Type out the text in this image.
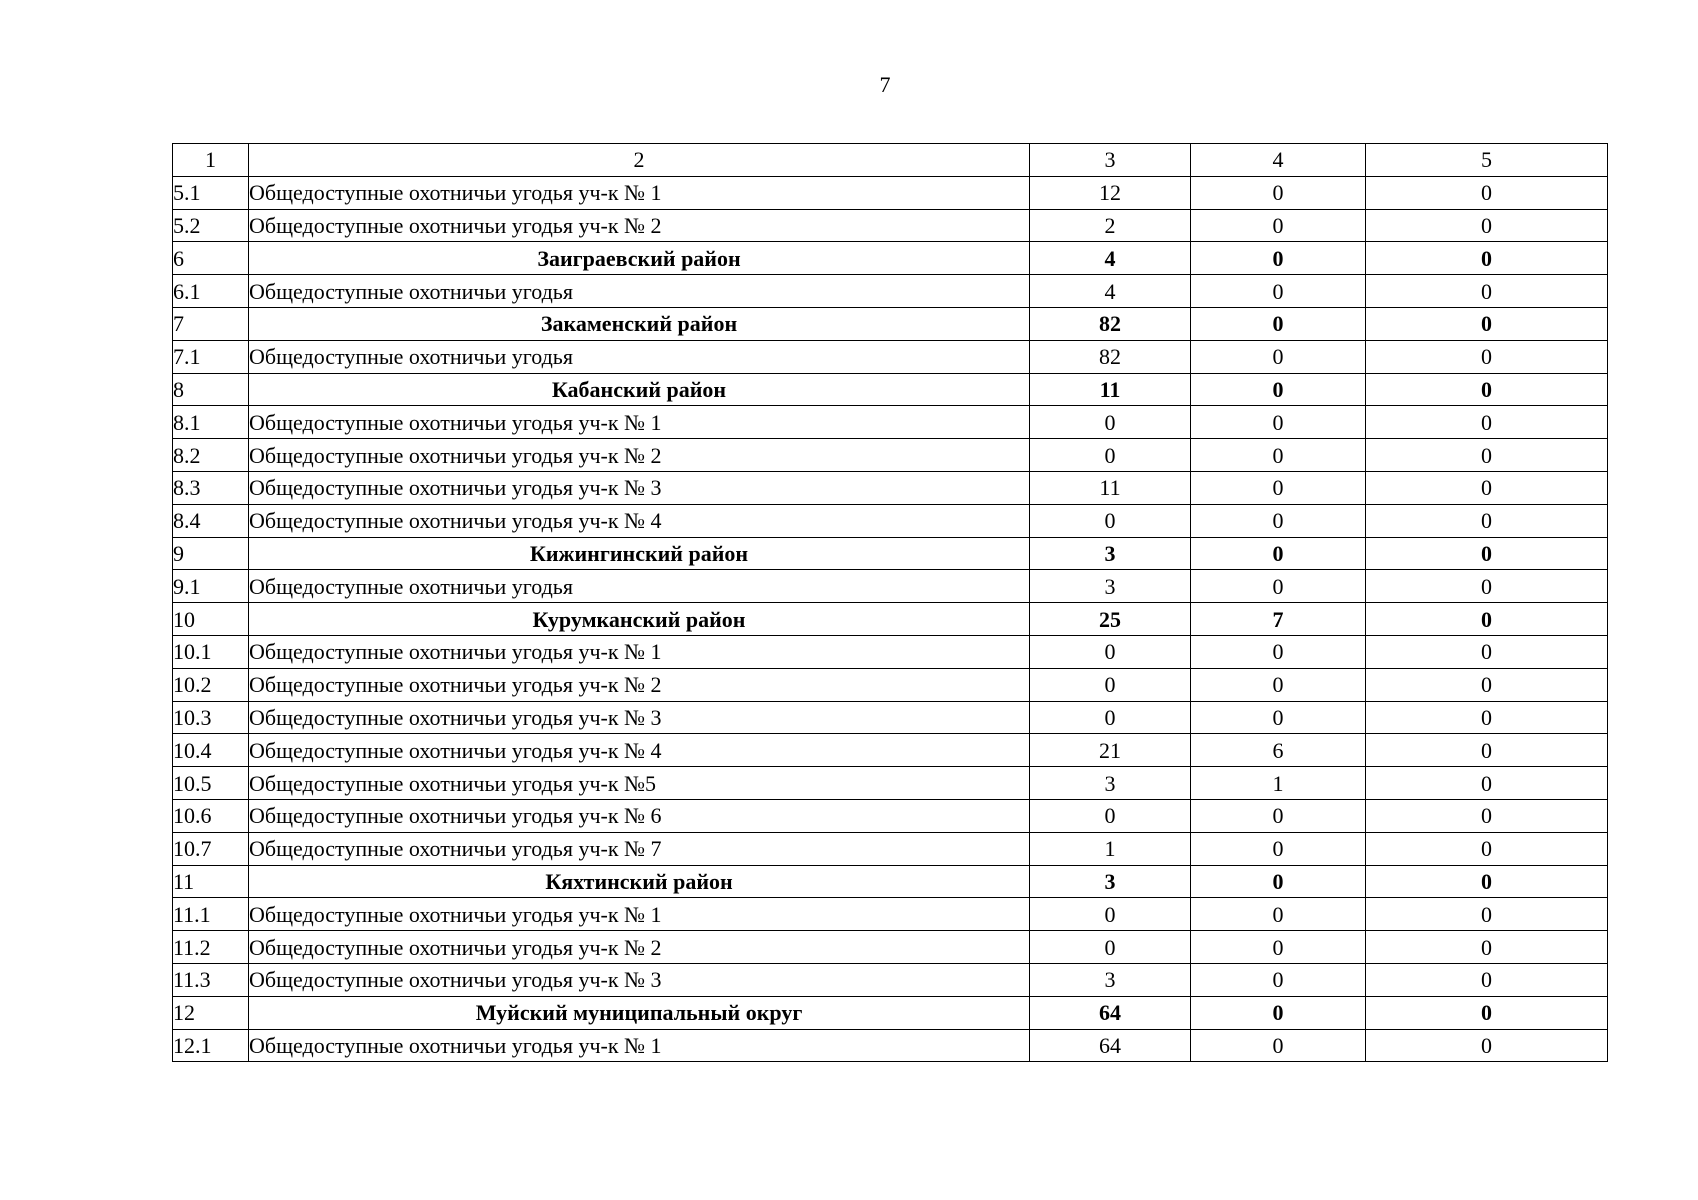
7
1	2	3	4	5
5.1	Общедоступные охотничьи угодья уч-к № 1	12	0	0
5.2	Общедоступные охотничьи угодья уч-к № 2	2	0	0
6	Заиграевский район	4	0	0
6.1	Общедоступные охотничьи угодья	4	0	0
7	Закаменский район	82	0	0
7.1	Общедоступные охотничьи угодья	82	0	0
8	Кабанский район	11	0	0
8.1	Общедоступные охотничьи угодья уч-к № 1	0	0	0
8.2	Общедоступные охотничьи угодья уч-к № 2	0	0	0
8.3	Общедоступные охотничьи угодья уч-к № 3	11	0	0
8.4	Общедоступные охотничьи угодья уч-к № 4	0	0	0
9	Кижингинский район	3	0	0
9.1	Общедоступные охотничьи угодья	3	0	0
10	Курумканский район	25	7	0
10.1	Общедоступные охотничьи угодья уч-к № 1	0	0	0
10.2	Общедоступные охотничьи угодья уч-к № 2	0	0	0
10.3	Общедоступные охотничьи угодья уч-к № 3	0	0	0
10.4	Общедоступные охотничьи угодья уч-к № 4	21	6	0
10.5	Общедоступные охотничьи угодья уч-к №5	3	1	0
10.6	Общедоступные охотничьи угодья уч-к № 6	0	0	0
10.7	Общедоступные охотничьи угодья уч-к № 7	1	0	0
11	Кяхтинский район	3	0	0
11.1	Общедоступные охотничьи угодья уч-к № 1	0	0	0
11.2	Общедоступные охотничьи угодья уч-к № 2	0	0	0
11.3	Общедоступные охотничьи угодья уч-к № 3	3	0	0
12	Муйский муниципальный округ	64	0	0
12.1	Общедоступные охотничьи угодья уч-к № 1	64	0	0
